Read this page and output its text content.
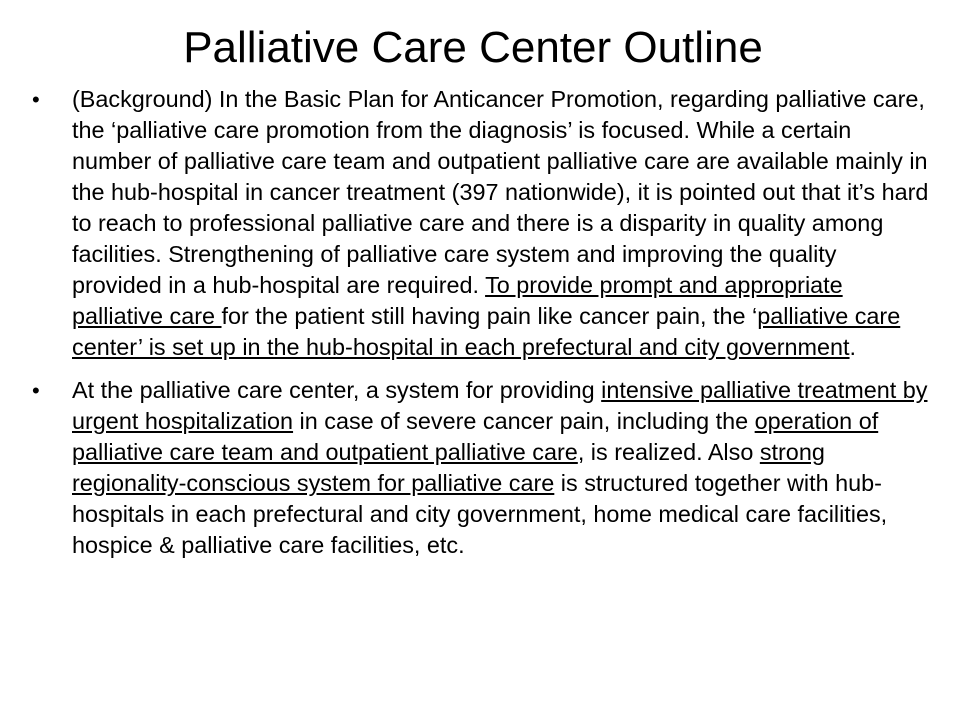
Palliative Care Center Outline
•	(Background) In the Basic Plan for Anticancer Promotion, regarding palliative care, the ‘palliative care promotion from the diagnosis’ is focused. While a certain number of palliative care team and outpatient palliative care are available mainly in the hub-hospital in cancer treatment (397 nationwide), it is pointed out that it’s hard to reach to professional palliative care and there is a disparity in quality among facilities. Strengthening of palliative care system and improving the quality provided in a hub-hospital are required. To provide prompt and appropriate palliative care for the patient still having pain like cancer pain, the ‘palliative care center’ is set up in the hub-hospital in each prefectural and city government.
•	At the palliative care center, a system for providing intensive palliative treatment by urgent hospitalization in case of severe cancer pain, including the operation of palliative care team and outpatient palliative care, is realized. Also strong regionality-conscious system for palliative care is structured together with hub-hospitals in each prefectural and city government, home medical care facilities, hospice & palliative care facilities, etc.
